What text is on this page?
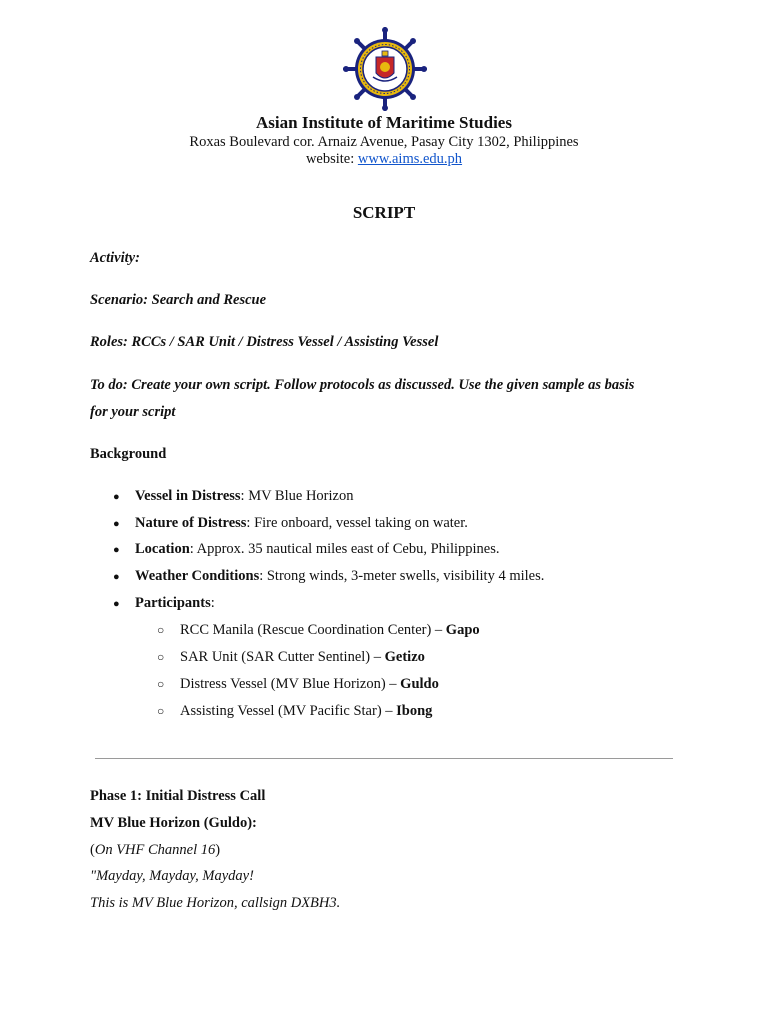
Asian Institute of Maritime Studies
Roxas Boulevard cor. Arnaiz Avenue, Pasay City 1302, Philippines
website: www.aims.edu.ph
SCRIPT
Activity:
Scenario: Search and Rescue
Roles: RCCs / SAR Unit / Distress Vessel / Assisting Vessel
To do: Create your own script. Follow protocols as discussed. Use the given sample as basis
for your script
Background
● Vessel in Distress: MV Blue Horizon
● Nature of Distress: Fire onboard, vessel taking on water.
● Location: Approx. 35 nautical miles east of Cebu, Philippines.
● Weather Conditions: Strong winds, 3-meter swells, visibility 4 miles.
● Participants:
○ RCC Manila (Rescue Coordination Center) – Gapo
○ SAR Unit (SAR Cutter Sentinel) – Getizo
○ Distress Vessel (MV Blue Horizon) – Guldo
○ Assisting Vessel (MV Pacific Star) – Ibong
Phase 1: Initial Distress Call
MV Blue Horizon (Guldo):
(On VHF Channel 16)
"Mayday, Mayday, Mayday!
This is MV Blue Horizon, callsign DXBH3.
